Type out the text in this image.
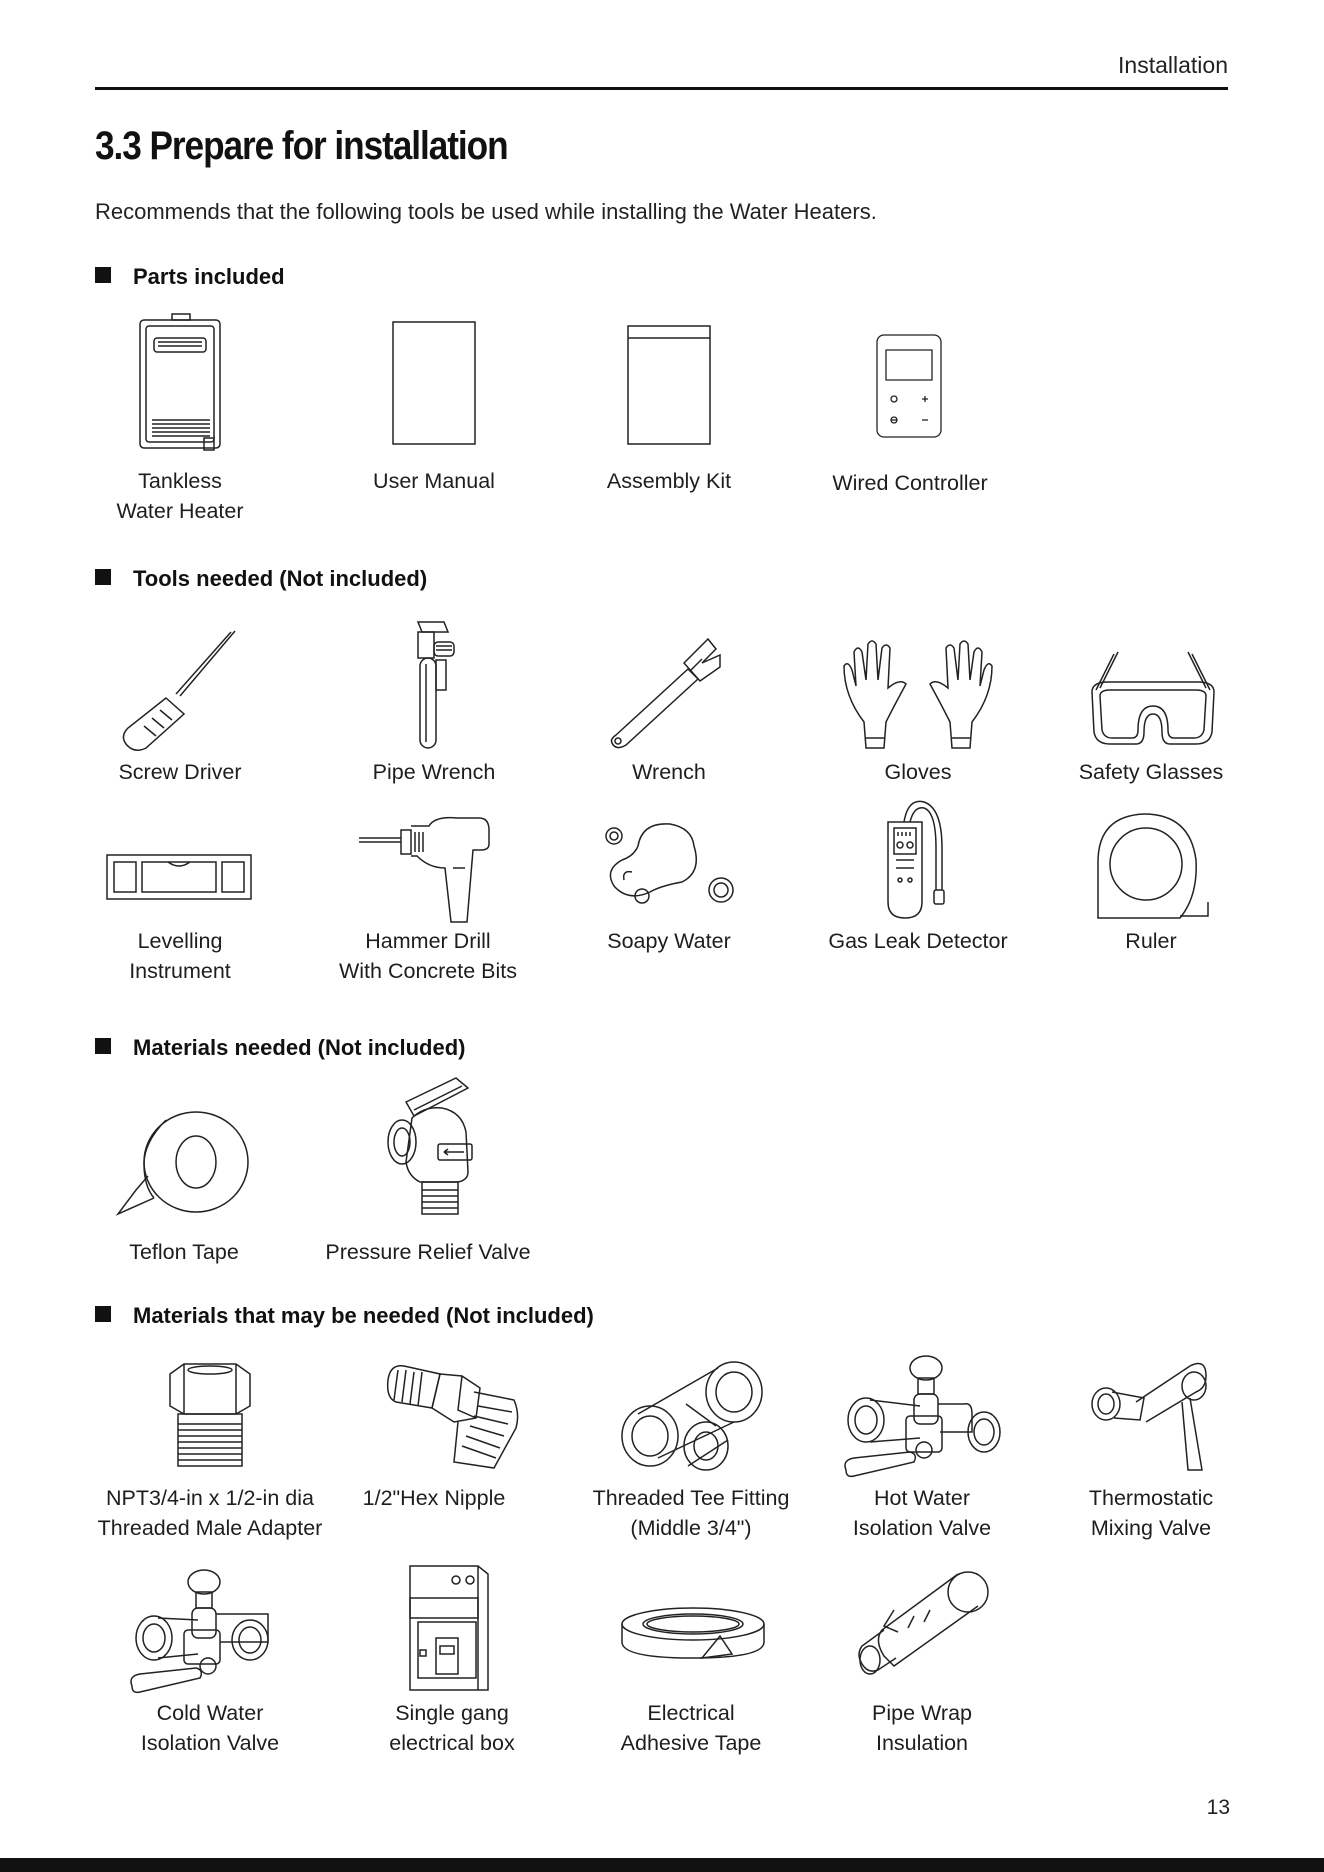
Installation
3.3 Prepare for installation
Recommends that the following tools be used while installing the Water Heaters.
Parts included
Tankless
Water Heater
User Manual	Assembly Kit	Wired Controller
Tools needed (Not included)
Screw Driver	Pipe Wrench	Wrench	Gloves	Safety Glasses
Levelling
Instrument
Hammer Drill
With Concrete Bits
Soapy Water	Gas Leak Detector	Ruler
Materials needed (Not included)
Teflon Tape	Pressure Relief Valve
Materials that may be needed (Not included)
NPT3/4-in x 1/2-in dia
Threaded Male Adapter
1/2"Hex Nipple	Threaded Tee Fitting
(Middle 3/4")
Hot Water
Isolation Valve
Thermostatic
Mixing Valve
Cold Water
Isolation Valve
Single gang
electrical box
Electrical
Adhesive Tape
Pipe Wrap
Insulation
13
